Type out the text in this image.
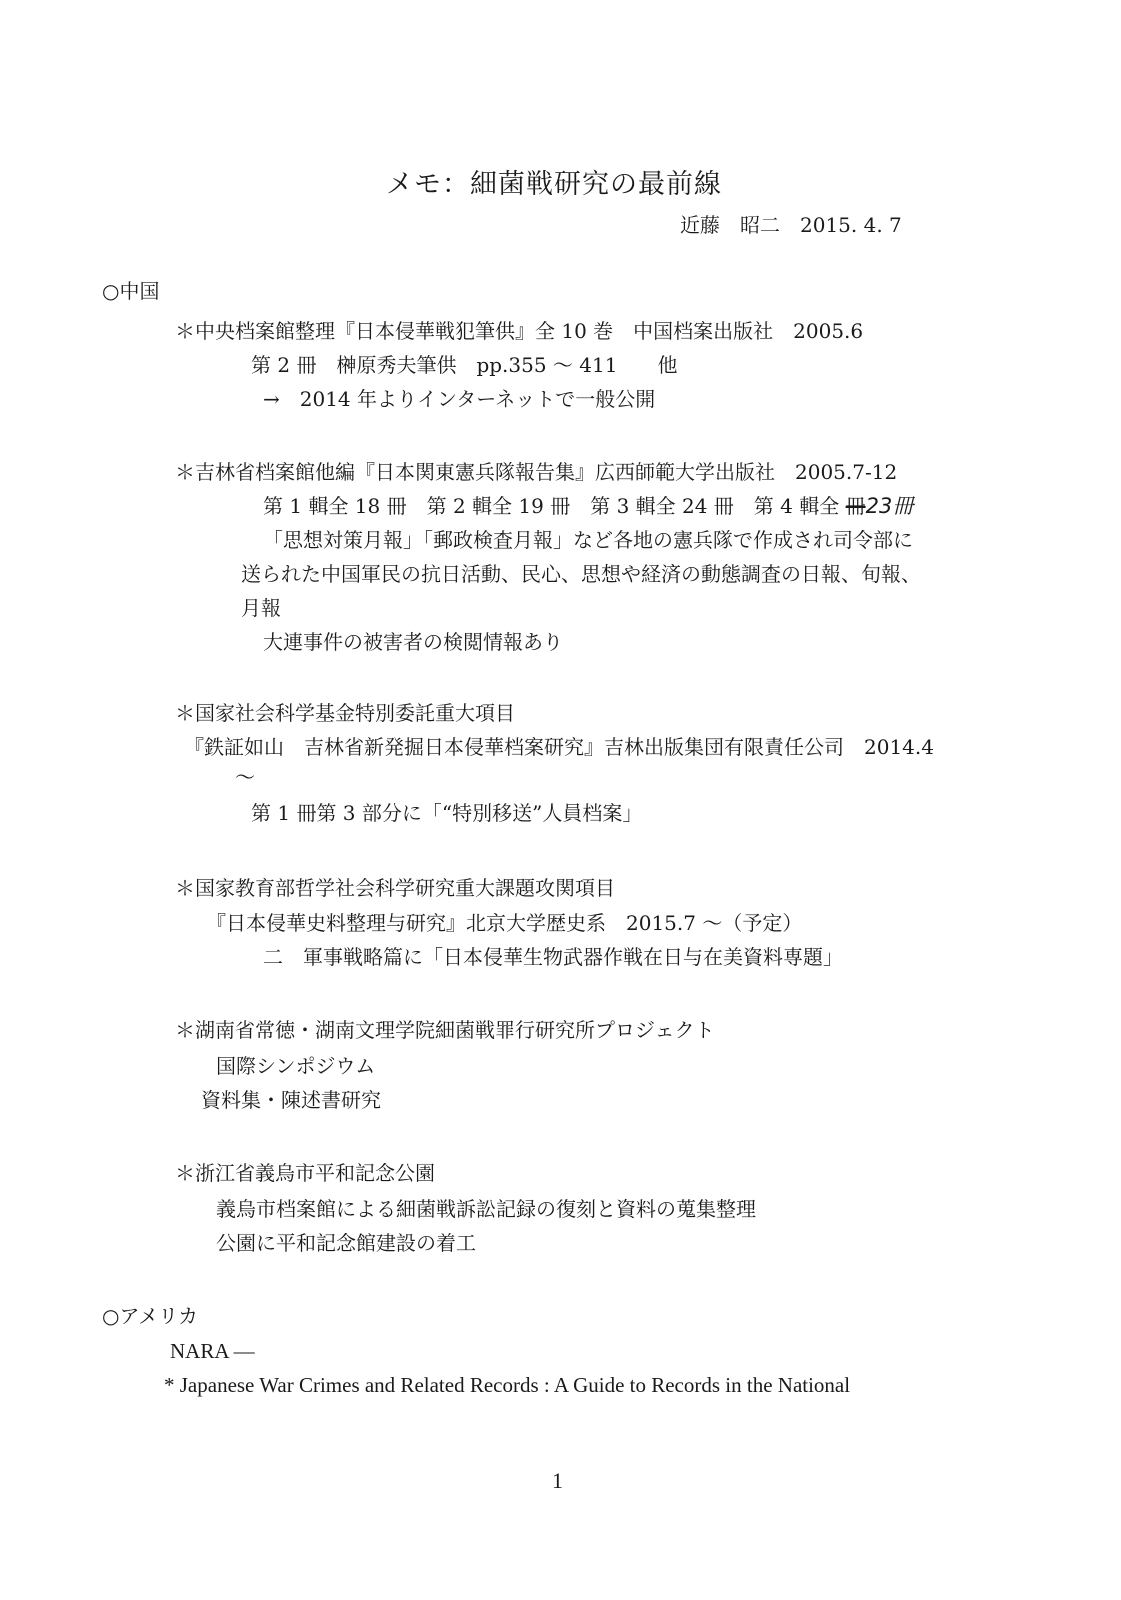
メモ：細菌戦研究の最前線
近藤　昭二　2015. 4. 7
○中国
＊中央档案館整理『日本侵華戦犯筆供』全 10 巻　中国档案出版社　2005.6
第 2 冊　榊原秀夫筆供　pp.355 ～ 411　　他
→　2014 年よりインターネットで一般公開
＊吉林省档案館他編『日本関東憲兵隊報告集』広西師範大学出版社　2005.7-12
第 1 輯全 18 冊　第 2 輯全 19 冊　第 3 輯全 24 冊　第 4 輯全 冊23冊
「思想対策月報」「郵政検査月報」など各地の憲兵隊で作成され司令部に
送られた中国軍民の抗日活動、民心、思想や経済の動態調査の日報、旬報、
月報
大連事件の被害者の検閲情報あり
＊国家社会科学基金特別委託重大項目
『鉄証如山　吉林省新発掘日本侵華档案研究』吉林出版集団有限責任公司　2014.4
～
第 1 冊第 3 部分に「“特別移送”人員档案」
＊国家教育部哲学社会科学研究重大課題攻関項目
『日本侵華史料整理与研究』北京大学歴史系　2015.7 ～（予定）
二　軍事戦略篇に「日本侵華生物武器作戦在日与在美資料専題」
＊湖南省常徳・湖南文理学院細菌戦罪行研究所プロジェクト
国際シンポジウム
資料集・陳述書研究
＊浙江省義烏市平和記念公園
義烏市档案館による細菌戦訴訟記録の復刻と資料の蒐集整理
公園に平和記念館建設の着工
○アメリカ
NARA ―
* Japanese War Crimes and Related Records : A Guide to Records in the National
1
